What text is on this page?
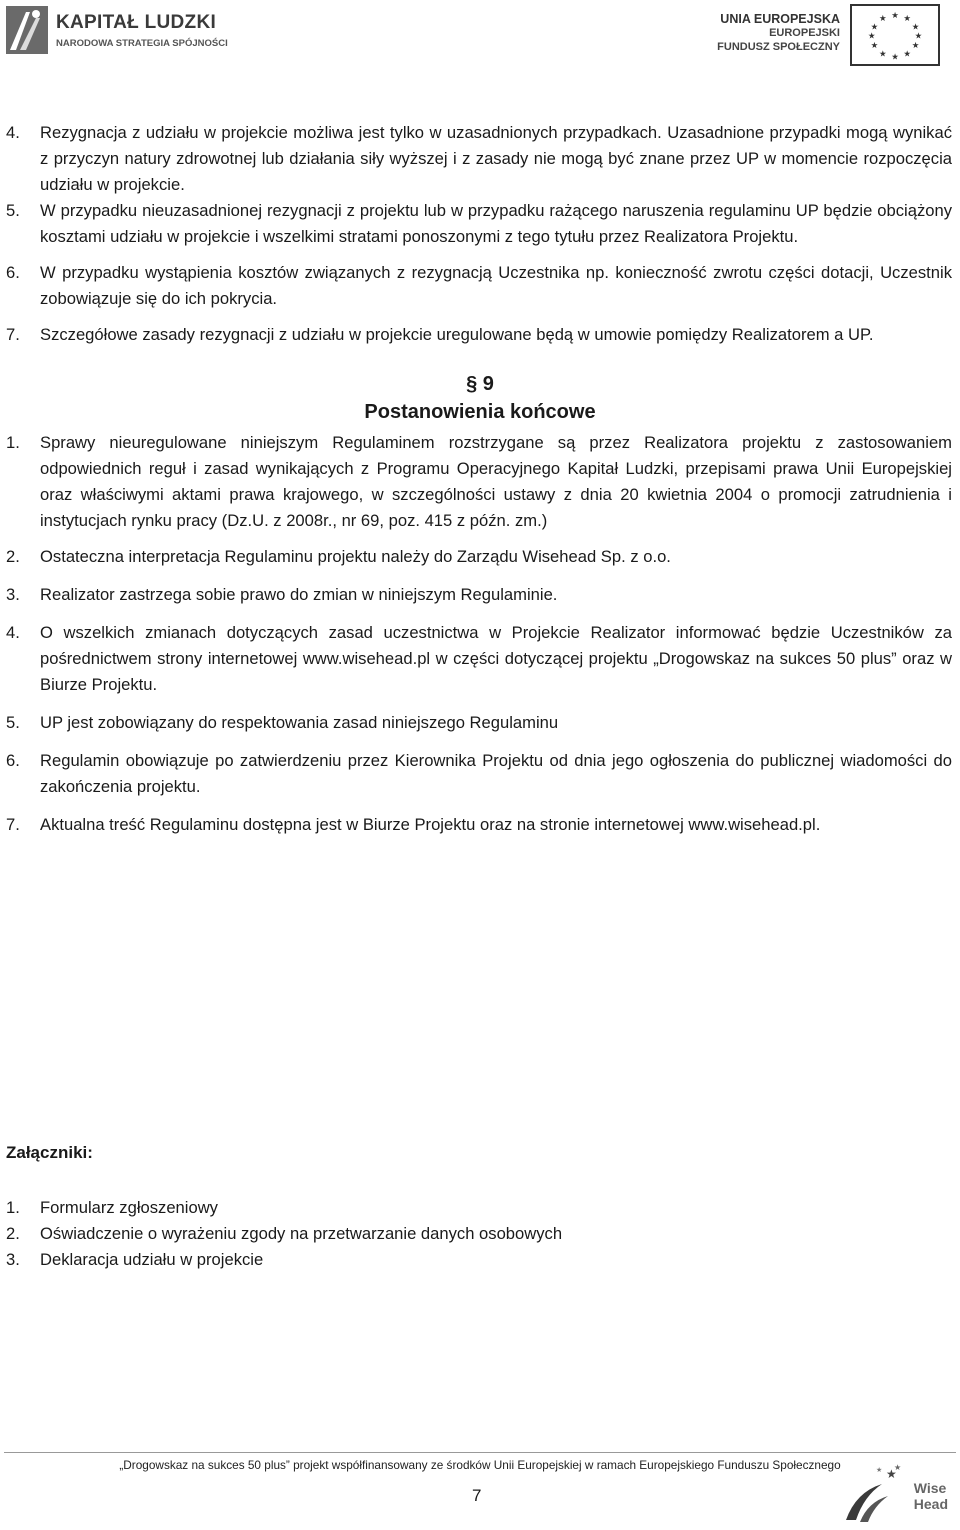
KAPITAŁ LUDZKI
NARODOWA STRATEGIA SPÓJNOŚCI
UNIA EUROPEJSKA
EUROPEJSKI
FUNDUSZ SPOŁECZNY
★ ★
★
★
★
★
★
★
★
★
★
★
4. Rezygnacja z udziału w projekcie możliwa jest tylko w uzasadnionych przypadkach. Uzasadnione przypadki mogą wynikać z przyczyn natury zdrowotnej lub działania siły wyższej i z zasady nie mogą być znane przez UP w momencie rozpoczęcia udziału w projekcie.
5. W przypadku nieuzasadnionej rezygnacji z projektu lub w przypadku rażącego naruszenia regulaminu UP będzie obciążony kosztami udziału w projekcie i wszelkimi stratami ponoszonymi z tego tytułu przez Realizatora Projektu.
6. W przypadku wystąpienia kosztów związanych z rezygnacją Uczestnika np. konieczność zwrotu części dotacji, Uczestnik zobowiązuje się do ich pokrycia.
7. Szczegółowe zasady rezygnacji z udziału w projekcie uregulowane będą w umowie pomiędzy Realizatorem a UP.
§ 9
Postanowienia końcowe
1. Sprawy nieuregulowane niniejszym Regulaminem rozstrzygane są przez Realizatora projektu z zastosowaniem odpowiednich reguł i zasad wynikających z Programu Operacyjnego Kapitał Ludzki, przepisami prawa Unii Europejskiej oraz właściwymi aktami prawa krajowego, w szczególności ustawy z dnia 20 kwietnia 2004 o promocji zatrudnienia i instytucjach rynku pracy (Dz.U. z 2008r., nr 69, poz. 415 z późn. zm.)
2. Ostateczna interpretacja Regulaminu projektu należy do Zarządu Wisehead Sp. z o.o.
3. Realizator zastrzega sobie prawo do zmian w niniejszym Regulaminie.
4. O wszelkich zmianach dotyczących zasad uczestnictwa w Projekcie Realizator informować będzie Uczestników za pośrednictwem strony internetowej www.wisehead.pl w części dotyczącej projektu „Drogowskaz na sukces 50 plus” oraz w Biurze Projektu.
5. UP jest zobowiązany do respektowania zasad niniejszego Regulaminu
6. Regulamin obowiązuje po zatwierdzeniu przez Kierownika Projektu od dnia jego ogłoszenia do publicznej wiadomości do zakończenia projektu.
7. Aktualna treść Regulaminu dostępna jest w Biurze Projektu oraz na stronie internetowej www.wisehead.pl.
Załączniki:
1. Formularz zgłoszeniowy
2. Oświadczenie o wyrażeniu zgody na przetwarzanie danych osobowych
3. Deklaracja udziału w projekcie
„Drogowskaz na sukces 50 plus” projekt współfinansowany ze środków Unii Europejskiej w ramach Europejskiego Funduszu Społecznego
7
★
★
★
Wise
Head
